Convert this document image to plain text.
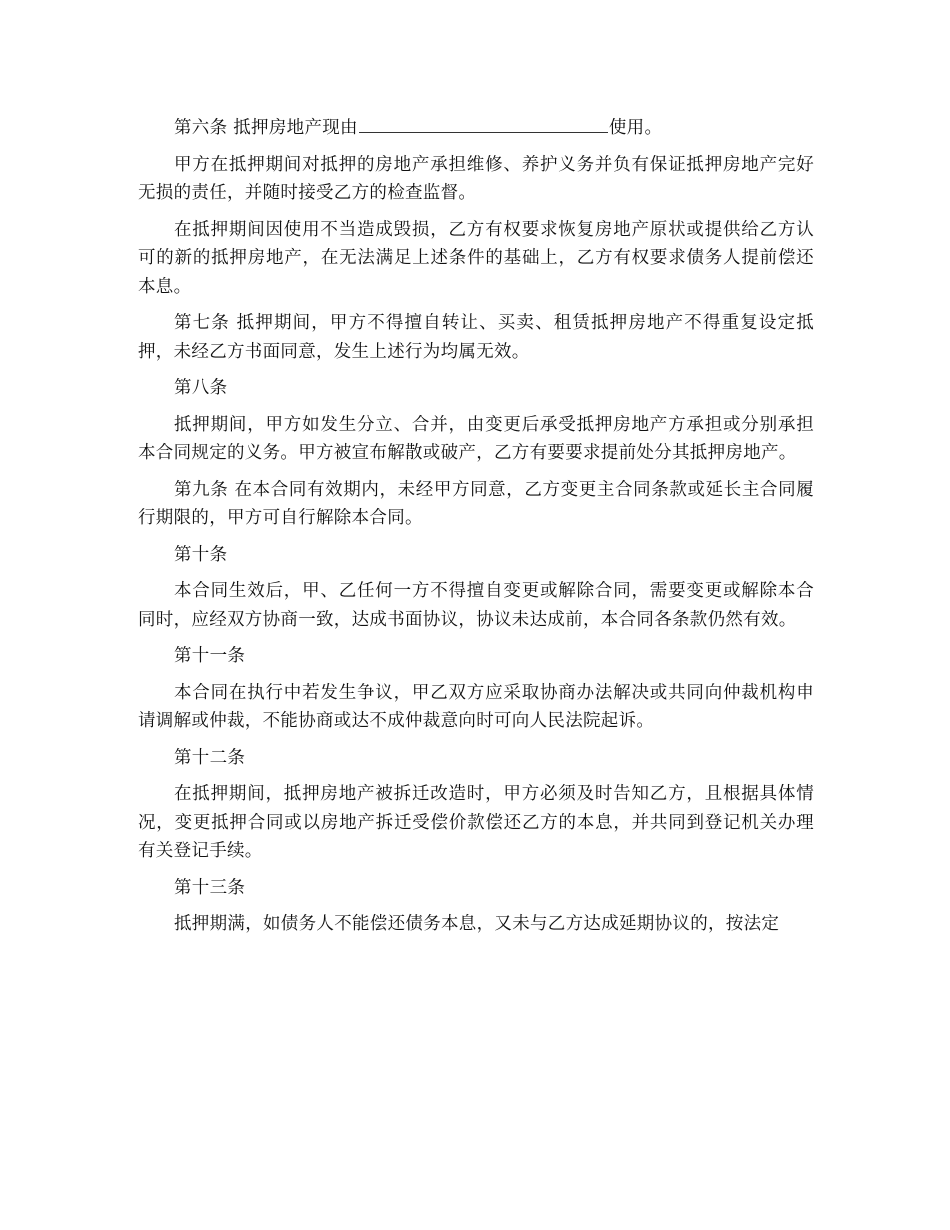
第六条 抵押房地产现由	使用。

甲方在抵押期间对抵押的房地产承担维修、养护义务并负有保证抵押房地产完好无损的责任，并随时接受乙方的检查监督。

在抵押期间因使用不当造成毁损，乙方有权要求恢复房地产原状或提供给乙方认可的新的抵押房地产，在无法满足上述条件的基础上，乙方有权要求债务人提前偿还本息。

第七条 抵押期间，甲方不得擅自转让、买卖、租赁抵押房地产不得重复设定抵押，未经乙方书面同意，发生上述行为均属无效。

第八条

抵押期间，甲方如发生分立、合并，由变更后承受抵押房地产方承担或分别承担本合同规定的义务。甲方被宣布解散或破产，乙方有要要求提前处分其抵押房地产。

第九条 在本合同有效期内，未经甲方同意，乙方变更主合同条款或延长主合同履行期限的，甲方可自行解除本合同。

第十条

本合同生效后，甲、乙任何一方不得擅自变更或解除合同，需要变更或解除本合同时，应经双方协商一致，达成书面协议，协议未达成前，本合同各条款仍然有效。

第十一条

本合同在执行中若发生争议，甲乙双方应采取协商办法解决或共同向仲裁机构申请调解或仲裁，不能协商或达不成仲裁意向时可向人民法院起诉。

第十二条

在抵押期间，抵押房地产被拆迁改造时，甲方必须及时告知乙方，且根据具体情况，变更抵押合同或以房地产拆迁受偿价款偿还乙方的本息，并共同到登记机关办理有关登记手续。

第十三条

抵押期满，如债务人不能偿还债务本息，又未与乙方达成延期协议的，按法定
